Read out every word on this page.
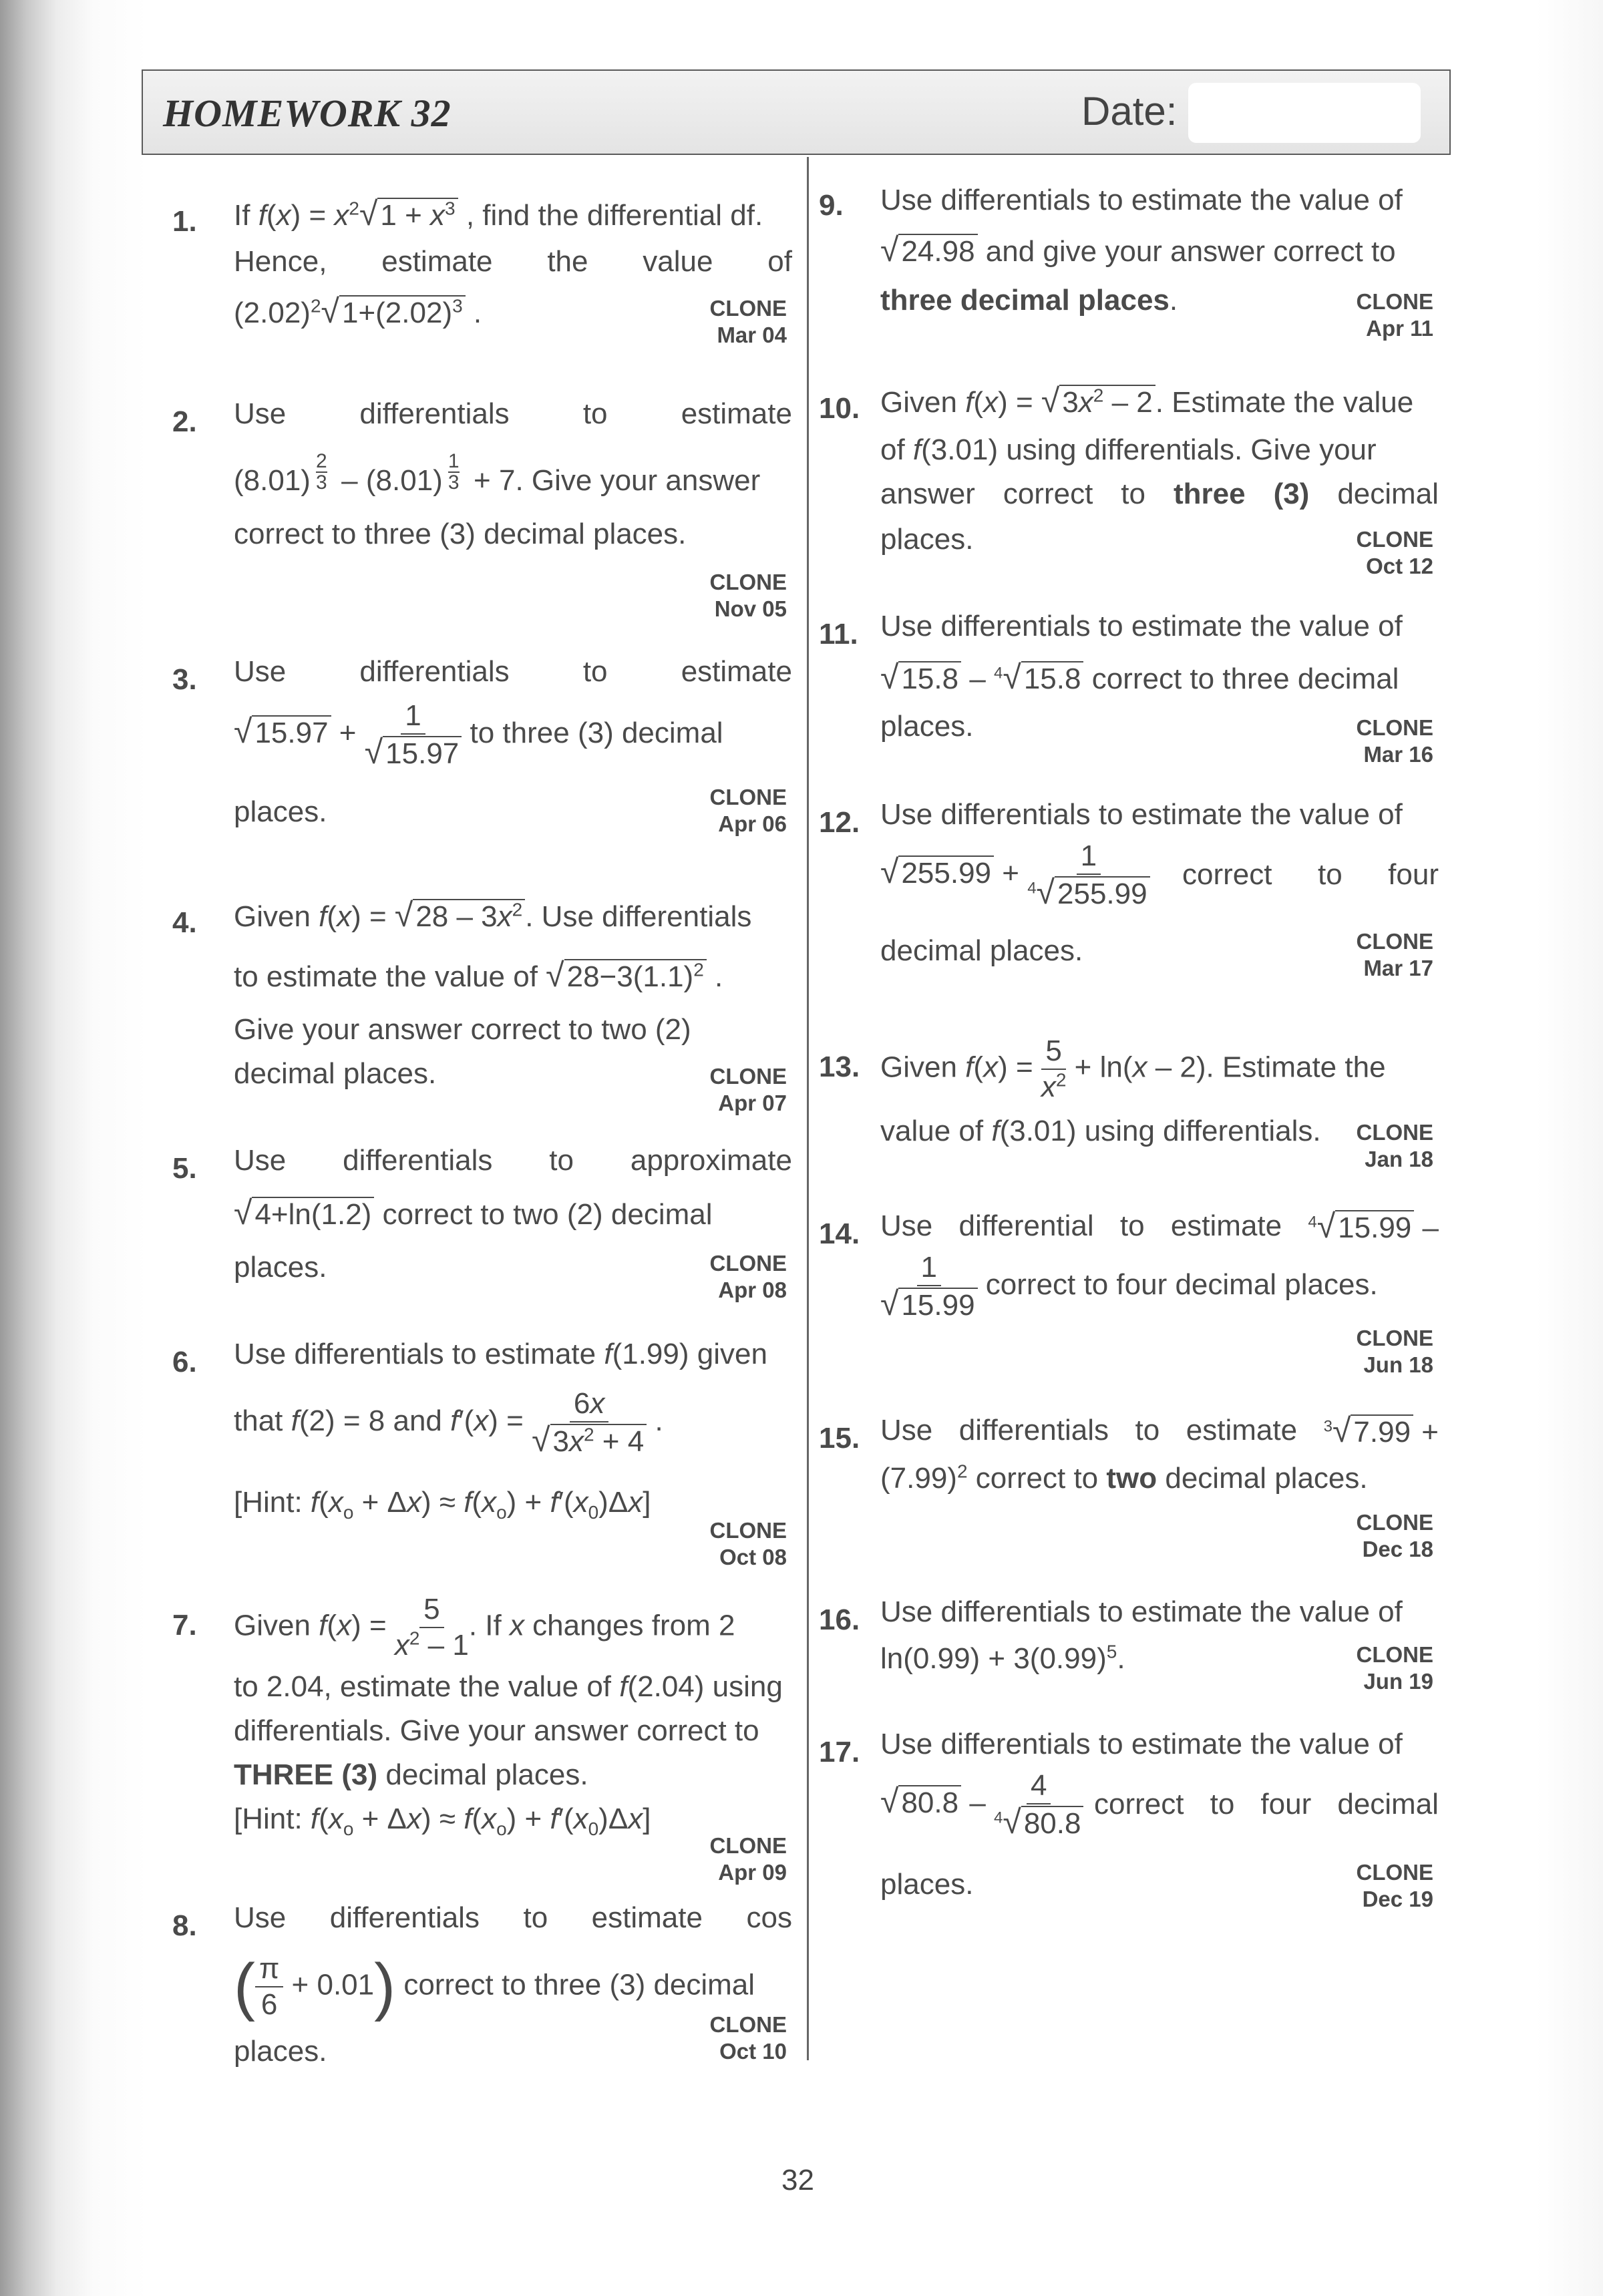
HOMEWORK 32	Date:
1. If $f(x) = x^2√1 + x^3$ , find the differential df.
Hence, estimate the value of
$(2.02)^2√1+(2.02)^3$ .	CLONE
Mar 04
2. Use	differentials	to	estimate
(8.01)
$\frac{2}{3}$
– (8.01)
$\frac{1}{3}$
+ 7. Give your answer
correct to three (3) decimal places.
CLONE
Nov 05
3. Use	differentials	to	estimate
$√15.97 + \frac{1}{√15.97}$ to three (3) decimal
places.	CLONE
Apr 06
4. Given $f(x) = √28 - 3x^2$. Use differentials
to estimate the value of $√28-3(1.1)^2$ .
Give your answer correct to two (2)
decimal places.	CLONE
Apr 07
5. Use differentials to approximate
√4+ln(1.2) correct to two (2) decimal
places.	CLONE
Apr 08
6. Use differentials to estimate f(1.99) given
that f(2) = 8 and $f'(x) = \frac{6x}{√3x^2 + 4}$ .
[Hint: $f(x_o + \Delta x) \approx f(x_o) + f'(x_0)\Delta x$]
CLONE
Oct 08
7. Given $f(x) = \frac{5}{x^2 - 1}$ . If x changes from 2
to 2.04, estimate the value of f(2.04) using
differentials. Give your answer correct to
THREE (3) decimal places.
[Hint: $f(x_o + \Delta x) \approx f(x_o) + f'(x_0)\Delta x$]
CLONE
Apr 09
8. Use differentials to estimate cos
( $\frac{\pi}{6} + 0.01$) correct to three (3) decimal
places.
CLONE
Oct 10
9. Use differentials to estimate the value of
√24.98 and give your answer correct to
three decimal places.	CLONE
Apr 11
10. Given $f(x) = √3x^2 - 2$. Estimate the value
of f(3.01) using differentials. Give your
answer correct to three (3) decimal
places.	CLONE
Oct 12
11. Use differentials to estimate the value of
√15.8 – $^4$√15.8 correct to three decimal
places.	CLONE
Mar 16
12. Use differentials to estimate the value of
$√255.99 + \frac{1}{^4√255.99}$ correct to four
decimal places.	CLONE
Mar 17
13. Given $f(x) = \frac{5}{x^2} + \ln(x - 2)$. Estimate the
value of f(3.01) using differentials. CLONE
Jan 18
14. Use differential to estimate $^4$√15.99 –
$\frac{1}{√15.99}$ correct to four decimal places.
CLONE
Jun 18
15. Use differentials to estimate $^3$√7.99 +
$(7.99)^2$ correct to two decimal places.
CLONE
Dec 18
16. Use differentials to estimate the value of
$\ln(0.99) + 3(0.99)^5$.	CLONE
Jun 19
17. Use differentials to estimate the value of
$√80.8 - \frac{4}{^4√80.8}$ correct to four decimal
places.	CLONE
Dec 19
32
